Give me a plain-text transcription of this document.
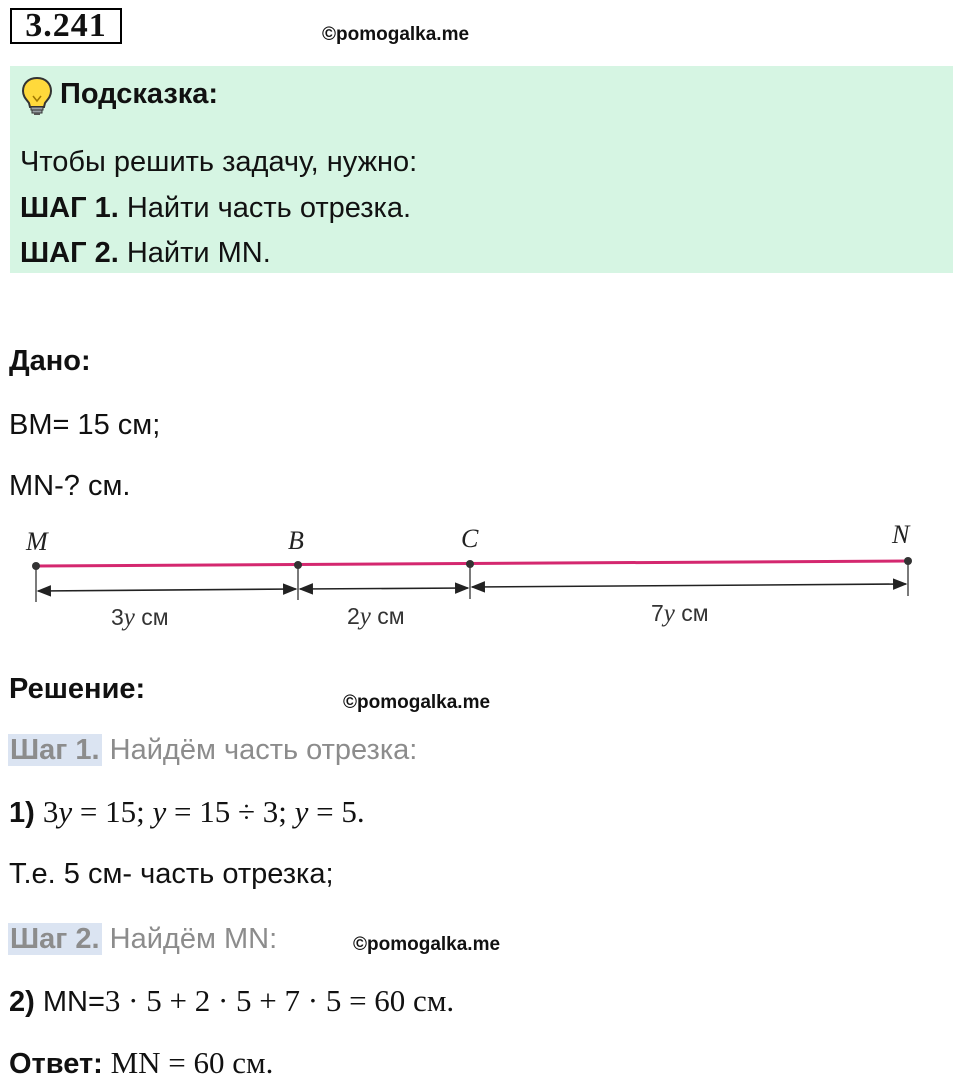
3.241	©pomogalka.me
Подсказка:
Чтобы решить задачу, нужно:
ШАГ 1. Найти часть отрезка.
ШАГ 2. Найти MN.
Дано:
BM= 15 см;
MN-? см.
M	B	C	N
3y см	2y см	7y см
Решение:	©pomogalka.me
Шаг 1. Найдём часть отрезка:
1) 3y = 15; y = 15 ÷ 3; y = 5.
Т.е. 5 см- часть отрезка;
Шаг 2. Найдём MN:	©pomogalka.me
2) MN=3 · 5 + 2 · 5 + 7 · 5 = 60 см.
Ответ: MN = 60 см.
